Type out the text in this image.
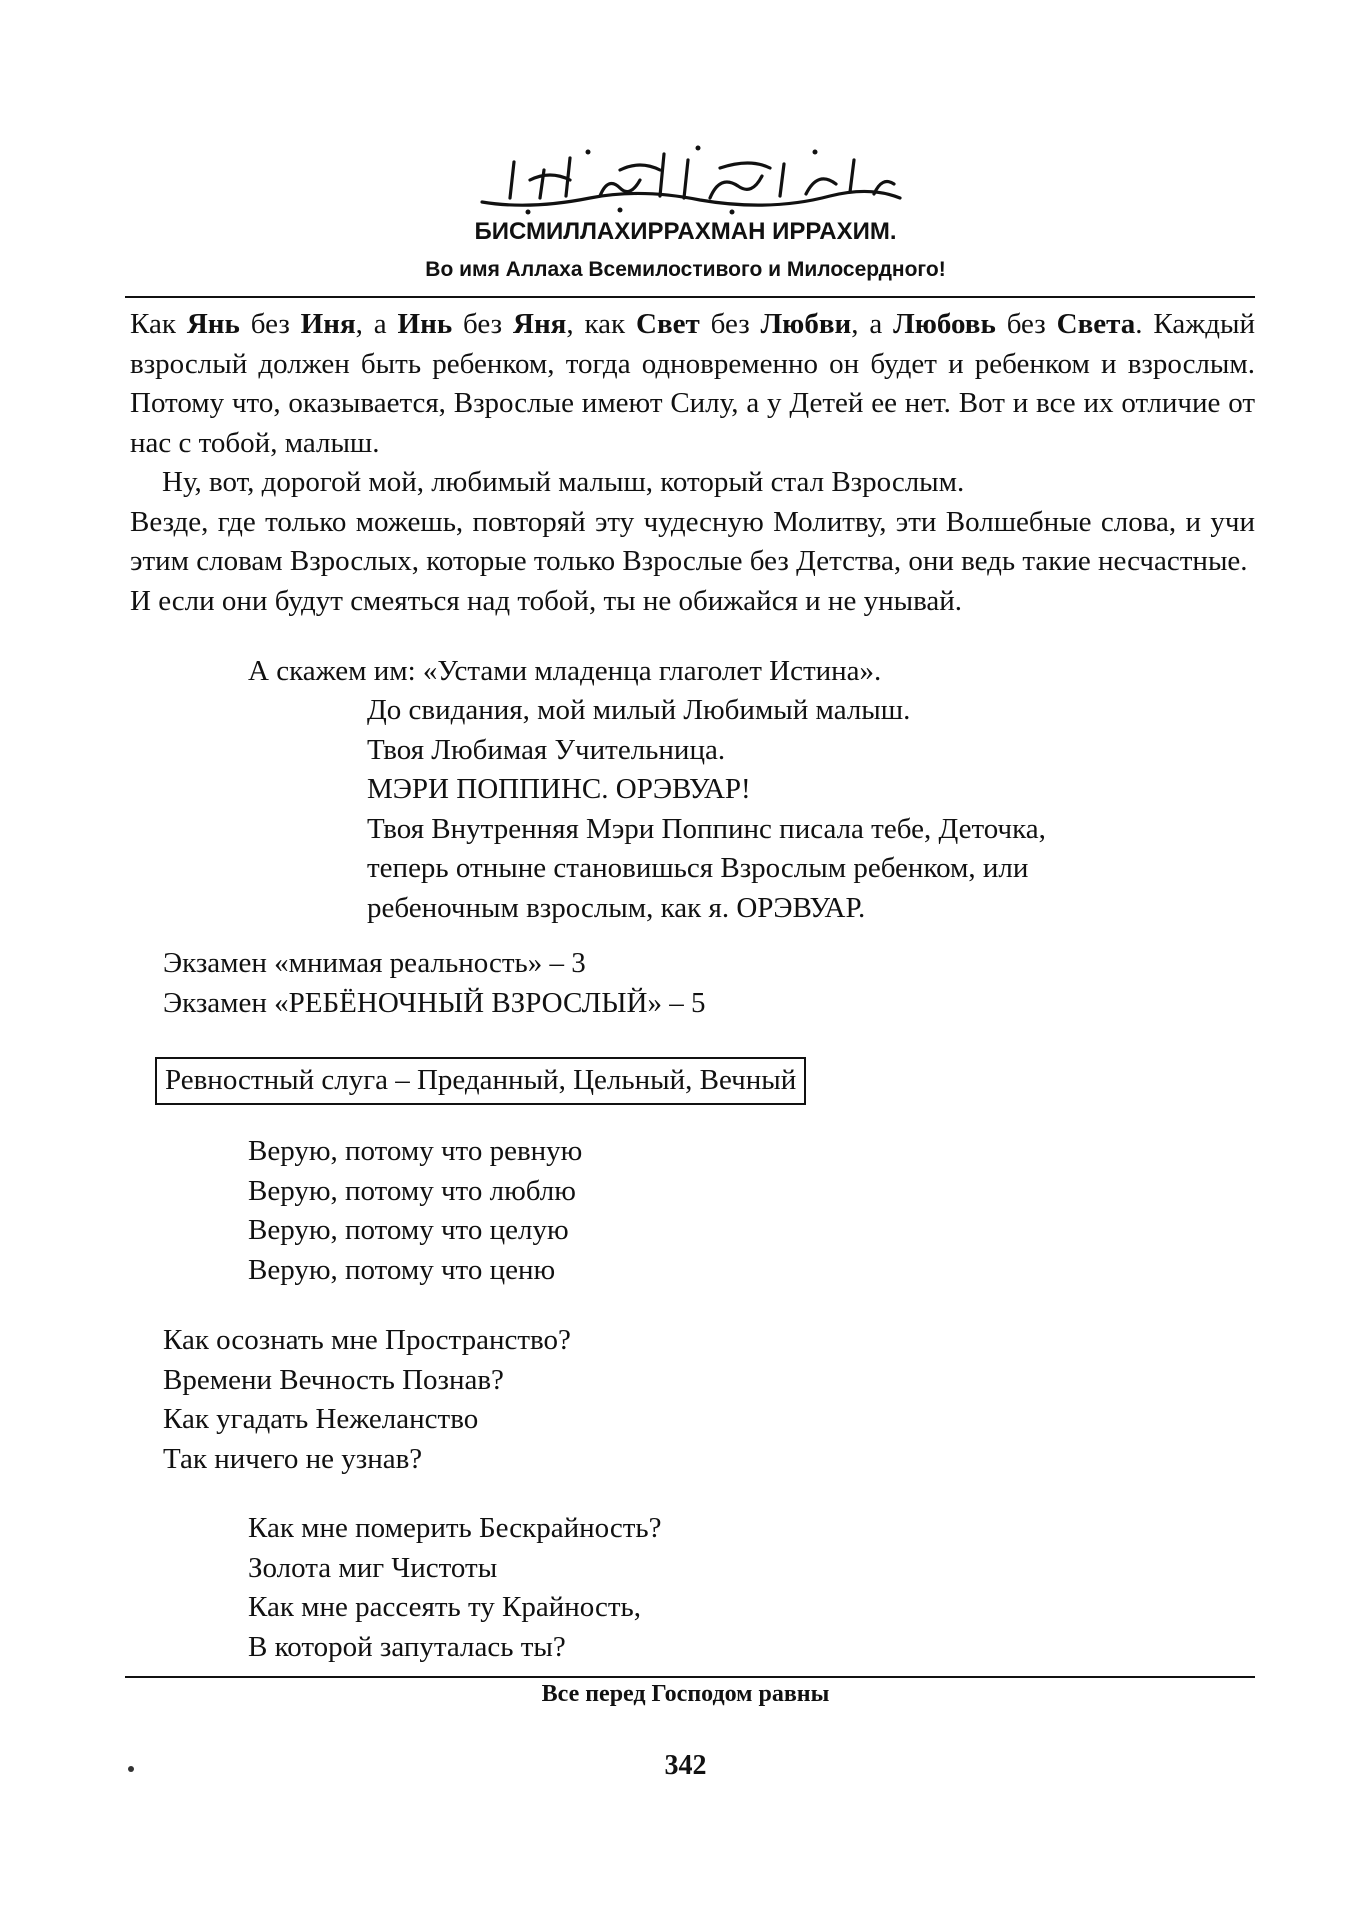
БИСМИЛЛАХИРРАХМАН ИРРАХИМ.
Во имя Аллаха Всемилостивого и Милосердного!

Как Янь без Иня, а Инь без Яня, как Свет без Любви, а Любовь без Света. Каждый взрослый должен быть ребенком, тогда одновременно он будет и ребенком и взрослым. Потому что, оказывается, Взрослые имеют Силу, а у Детей ее нет. Вот и все их отличие от нас с тобой, малыш.

Ну, вот, дорогой мой, любимый малыш, который стал Взрослым.

Везде, где только можешь, повторяй эту чудесную Молитву, эти Волшебные слова, и учи этим словам Взрослых, которые только Взрослые без Детства, они ведь такие несчастные.

И если они будут смеяться над тобой, ты не обижайся и не унывай.

А скажем им: «Устами младенца глаголет Истина».

До свидания, мой милый Любимый малыш.

Твоя Любимая Учительница.

МЭРИ ПОППИНС. ОРЭВУАР!

Твоя Внутренняя Мэри Поппинс писала тебе, Деточка,

теперь отныне становишься Взрослым ребенком, или

ребеночным взрослым, как я. ОРЭВУАР.

Экзамен «мнимая реальность» – 3

Экзамен «РЕБЁНОЧНЫЙ ВЗРОСЛЫЙ» – 5

Ревностный слуга – Преданный, Цельный, Вечный

Верую, потому что ревную

Верую, потому что люблю

Верую, потому что целую

Верую, потому что ценю

Как осознать мне Пространство?

Времени Вечность Познав?

Как угадать Нежеланство

Так ничего не узнав?

Как мне померить Бескрайность?

Золота миг Чистоты

Как мне рассеять ту Крайность,

В которой запуталась ты?

Все перед Господом равны
342
